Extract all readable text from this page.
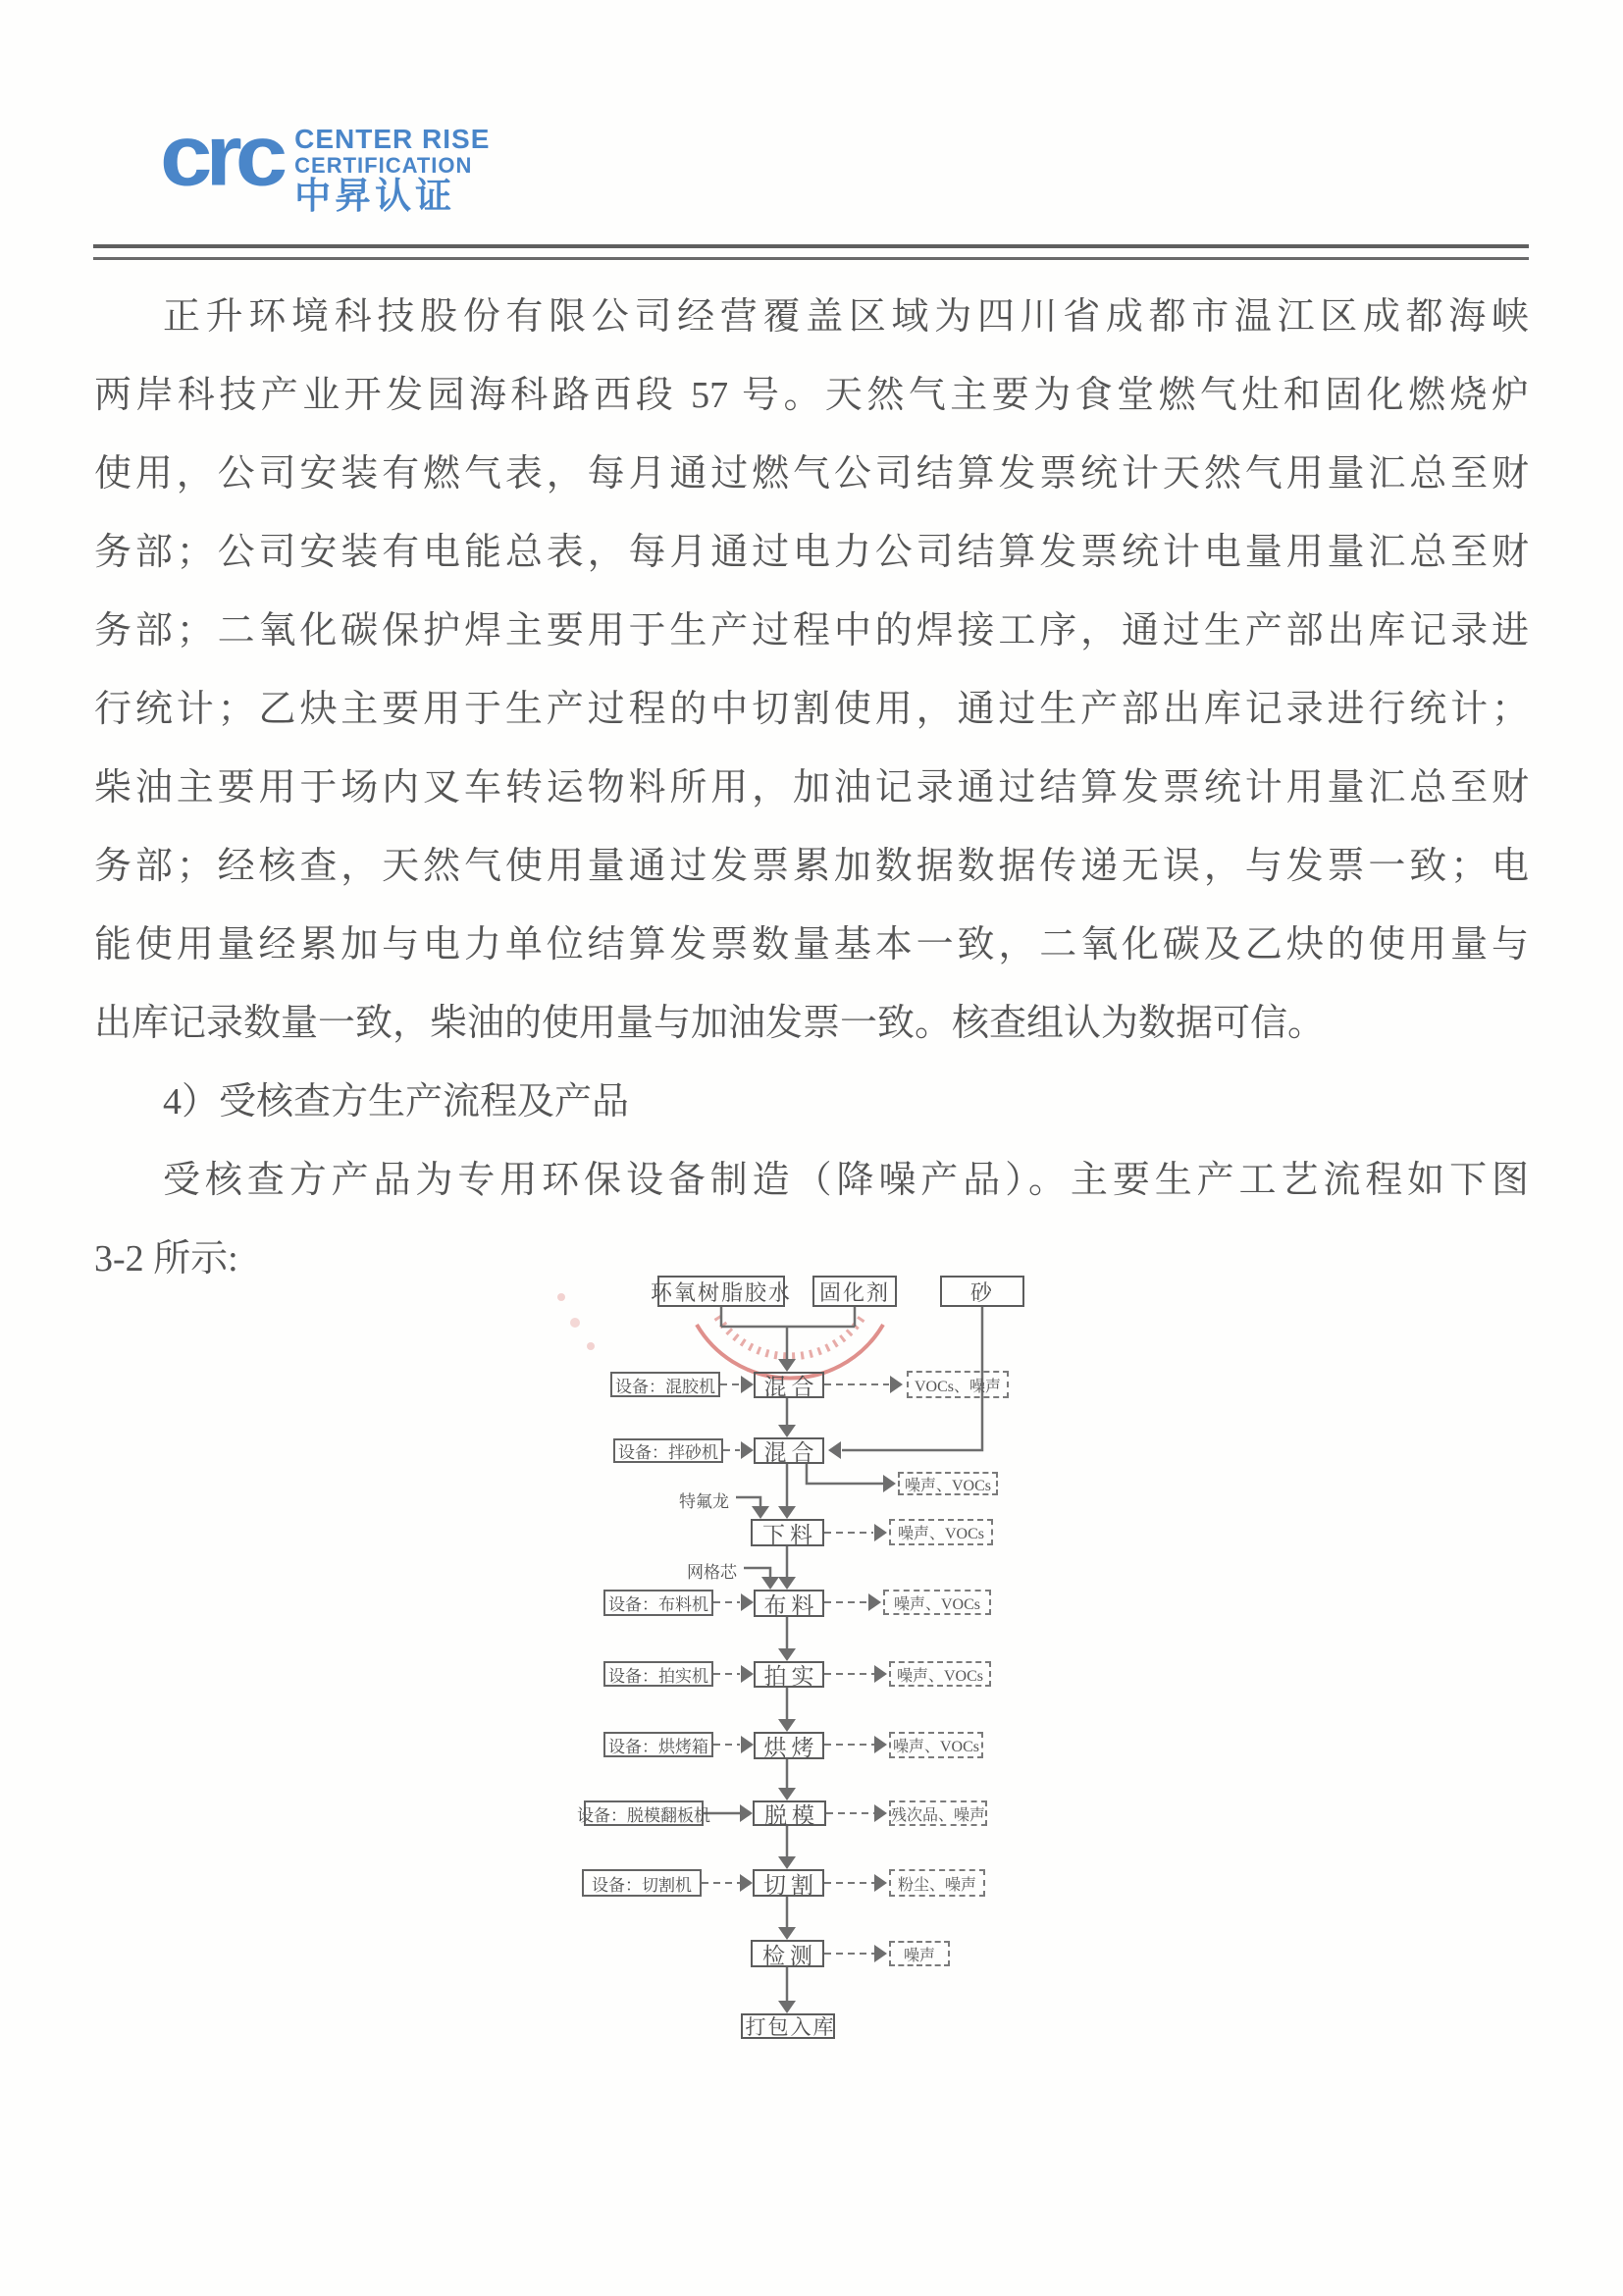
crc CENTER RISE
CERTIFICATION
中昇认证
正升环境科技股份有限公司经营覆盖区域为四川省成都市温江区成都海峡
两岸科技产业开发园海科路西段 57 号。天然气主要为食堂燃气灶和固化燃烧炉
使用，公司安装有燃气表，每月通过燃气公司结算发票统计天然气用量汇总至财
务部；公司安装有电能总表，每月通过电力公司结算发票统计电量用量汇总至财
务部；二氧化碳保护焊主要用于生产过程中的焊接工序，通过生产部出库记录进
行统计；乙炔主要用于生产过程的中切割使用，通过生产部出库记录进行统计；
柴油主要用于场内叉车转运物料所用，加油记录通过结算发票统计用量汇总至财
务部；经核查，天然气使用量通过发票累加数据数据传递无误，与发票一致；电
能使用量经累加与电力单位结算发票数量基本一致，二氧化碳及乙炔的使用量与
出库记录数量一致，柴油的使用量与加油发票一致。核查组认为数据可信。
4）受核查方生产流程及产品
受核查方产品为专用环保设备制造（降噪产品）。主要生产工艺流程如下图
3-2 所示:
环氧树脂胶水	固化剂	砂
混合
混合
下料
布料
拍实
烘烤
脱模
切割
检测
打包入库
设备：混胶机
设备：拌砂机
设备：布料机
设备：拍实机
设备：烘烤箱
设备：脱模翻板机
设备：切割机
VOCs、噪声
噪声、VOCs
噪声、VOCs
噪声、VOCs
噪声、VOCs
噪声、VOCs
残次品、噪声
粉尘、噪声
噪声
特氟龙
网格芯
